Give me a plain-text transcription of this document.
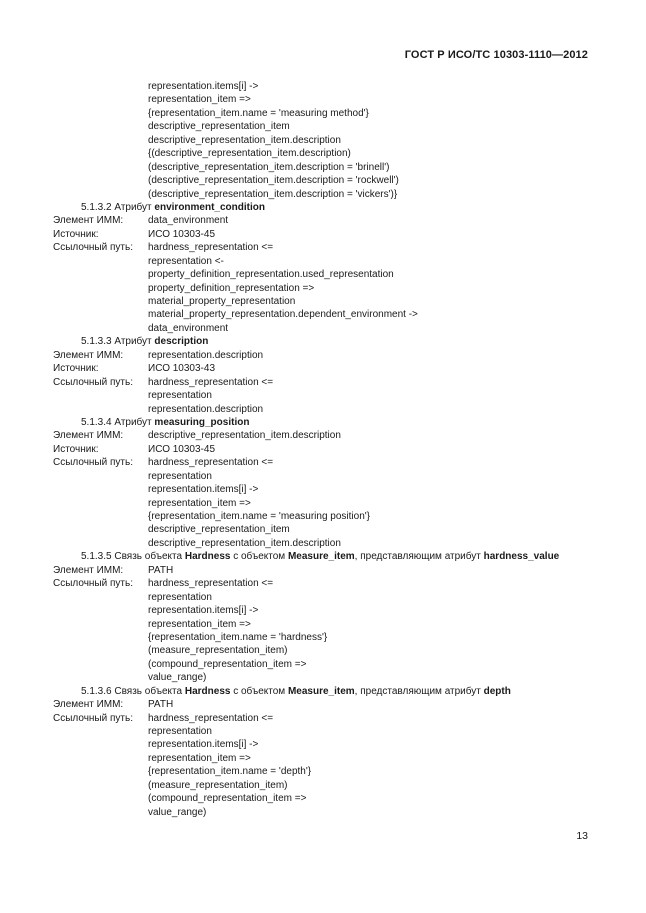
ГОСТ Р ИСО/ТС 10303-1110—2012
representation.items[i] ->
representation_item =>
{representation_item.name = 'measuring method'}
descriptive_representation_item
descriptive_representation_item.description
{(descriptive_representation_item.description)
(descriptive_representation_item.description = 'brinell')
(descriptive_representation_item.description = 'rockwell')
(descriptive_representation_item.description = 'vickers')}
5.1.3.2 Атрибут environment_condition
Элемент ИММ: data_environment
Источник:	ИСО 10303-45
Ссылочный путь: hardness_representation <=
representation <-
property_definition_representation.used_representation
property_definition_representation =>
material_property_representation
material_property_representation.dependent_environment ->
data_environment
5.1.3.3 Атрибут description
Элемент ИММ: representation.description
Источник:	ИСО 10303-43
Ссылочный путь: hardness_representation <=
representation
representation.description
5.1.3.4 Атрибут measuring_position
Элемент ИММ: descriptive_representation_item.description
Источник:	ИСО 10303-45
Ссылочный путь: hardness_representation <=
representation
representation.items[i] ->
representation_item =>
{representation_item.name = 'measuring position'}
descriptive_representation_item
descriptive_representation_item.description
5.1.3.5 Связь объекта Hardness с объектом Measure_item, представляющим атрибут hardness_value
Элемент ИММ: PATH
Ссылочный путь: hardness_representation <=
representation
representation.items[i] ->
representation_item =>
{representation_item.name = 'hardness'}
(measure_representation_item)
(compound_representation_item =>
value_range)
5.1.3.6 Связь объекта Hardness с объектом Measure_item, представляющим атрибут depth
Элемент ИММ: PATH
Ссылочный путь: hardness_representation <=
representation
representation.items[i] ->
representation_item =>
{representation_item.name = 'depth'}
(measure_representation_item)
(compound_representation_item =>
value_range)
13
